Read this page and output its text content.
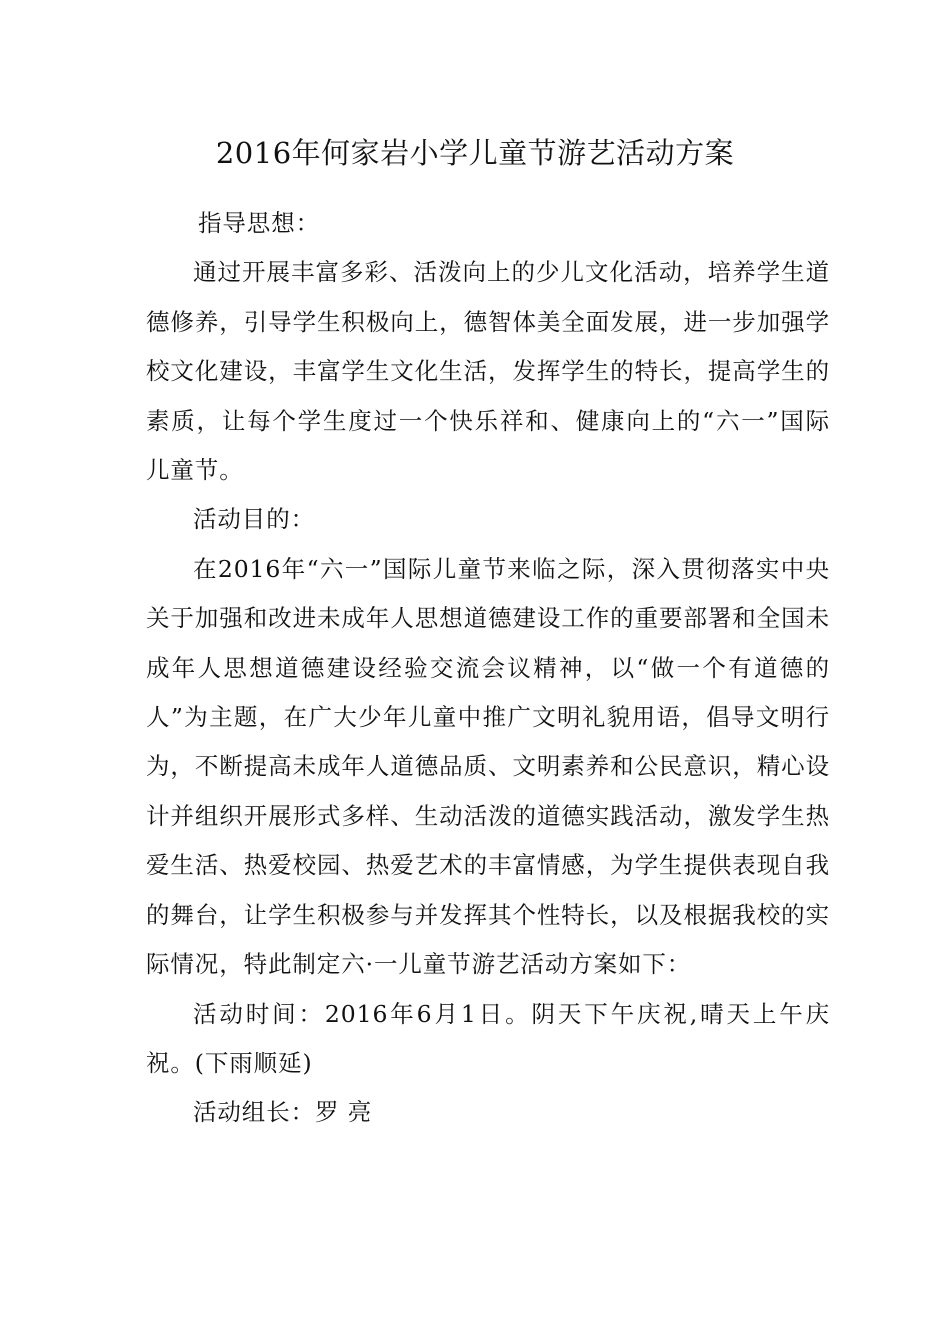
2016年何家岩小学儿童节游艺活动方案

指导思想：

通过开展丰富多彩、活泼向上的少儿文化活动，培养学生道德修养，引导学生积极向上，德智体美全面发展，进一步加强学校文化建设，丰富学生文化生活，发挥学生的特长，提高学生的素质，让每个学生度过一个快乐祥和、健康向上的“六一”国际儿童节。

活动目的：

在2016年“六一”国际儿童节来临之际，深入贯彻落实中央关于加强和改进未成年人思想道德建设工作的重要部署和全国未成年人思想道德建设经验交流会议精神，以“做一个有道德的人”为主题，在广大少年儿童中推广文明礼貌用语，倡导文明行为，不断提高未成年人道德品质、文明素养和公民意识，精心设计并组织开展形式多样、生动活泼的道德实践活动，激发学生热爱生活、热爱校园、热爱艺术的丰富情感，为学生提供表现自我的舞台，让学生积极参与并发挥其个性特长，以及根据我校的实际情况，特此制定六·一儿童节游艺活动方案如下：

活动时间：2016年6月1日。阴天下午庆祝,晴天上午庆祝。(下雨顺延)

活动组长：罗 亮
